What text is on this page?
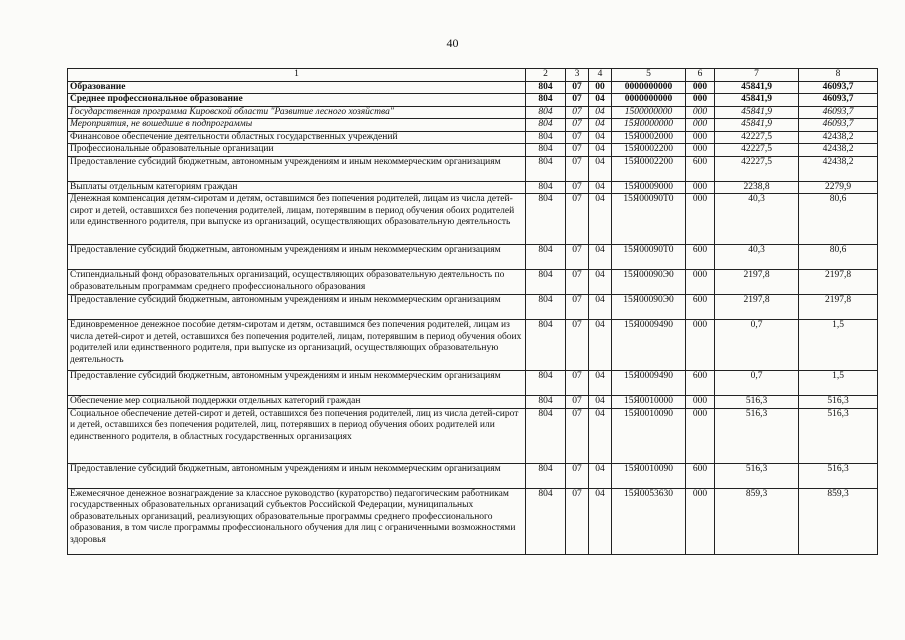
40
1	2	3	4	5	6	7	8
Образование	804	07	00	0000000000	000	45841,9	46093,7
Среднее профессиональное образование	804	07	04	0000000000	000	45841,9	46093,7
Государственная программа Кировской области "Развитие лесного хозяйства"	804	07	04	1500000000	000	45841,9	46093,7
Мероприятия, не вошедшие в подпрограммы	804	07	04	15Я0000000	000	45841,9	46093,7
Финансовое обеспечение деятельности областных государственных учреждений	804	07	04	15Я0002000	000	42227,5	42438,2
Профессиональные образовательные организации	804	07	04	15Я0002200	000	42227,5	42438,2
Предоставление субсидий бюджетным, автономным учреждениям и иным некоммерческим организациям	804	07	04	15Я0002200	600	42227,5	42438,2
Выплаты отдельным категориям граждан	804	07	04	15Я0009000	000	2238,8	2279,9
Денежная компенсация детям-сиротам и детям, оставшимся без попечения родителей, лицам из числа детей-сирот и детей, оставшихся без попечения родителей, лицам, потерявшим в период обучения обоих родителей или единственного родителя, при выпуске из организаций, осуществляющих образовательную деятельность	804	07	04	15Я00090Т0	000	40,3	80,6
Предоставление субсидий бюджетным, автономным учреждениям и иным некоммерческим организациям	804	07	04	15Я00090Т0	600	40,3	80,6
Стипендиальный фонд образовательных организаций, осуществляющих образовательную деятельность по образовательным программам среднего профессионального образования	804	07	04	15Я00090Э0	000	2197,8	2197,8
Предоставление субсидий бюджетным, автономным учреждениям и иным некоммерческим организациям	804	07	04	15Я00090Э0	600	2197,8	2197,8
Единовременное денежное пособие детям-сиротам и детям, оставшимся без попечения родителей, лицам из числа детей-сирот и детей, оставшихся без попечения родителей, лицам, потерявшим в период обучения обоих родителей или единственного родителя, при выпуске из организаций, осуществляющих образовательную деятельность	804	07	04	15Я0009490	000	0,7	1,5
Предоставление субсидий бюджетным, автономным учреждениям и иным некоммерческим организациям	804	07	04	15Я0009490	600	0,7	1,5
Обеспечение мер социальной поддержки отдельных категорий граждан	804	07	04	15Я0010000	000	516,3	516,3
Социальное обеспечение детей-сирот и детей, оставшихся без попечения родителей, лиц из числа детей-сирот и детей, оставшихся без попечения родителей, лиц, потерявших в период обучения обоих родителей или единственного родителя, в областных государственных организациях	804	07	04	15Я0010090	000	516,3	516,3
Предоставление субсидий бюджетным, автономным учреждениям и иным некоммерческим организациям	804	07	04	15Я0010090	600	516,3	516,3
Ежемесячное денежное вознаграждение за классное руководство (кураторство) педагогическим работникам государственных образовательных организаций субъектов Российской Федерации, муниципальных образовательных организаций, реализующих образовательные программы среднего профессионального образования, в том числе программы профессионального обучения для лиц с ограниченными возможностями здоровья	804	07	04	15Я0053630	000	859,3	859,3
